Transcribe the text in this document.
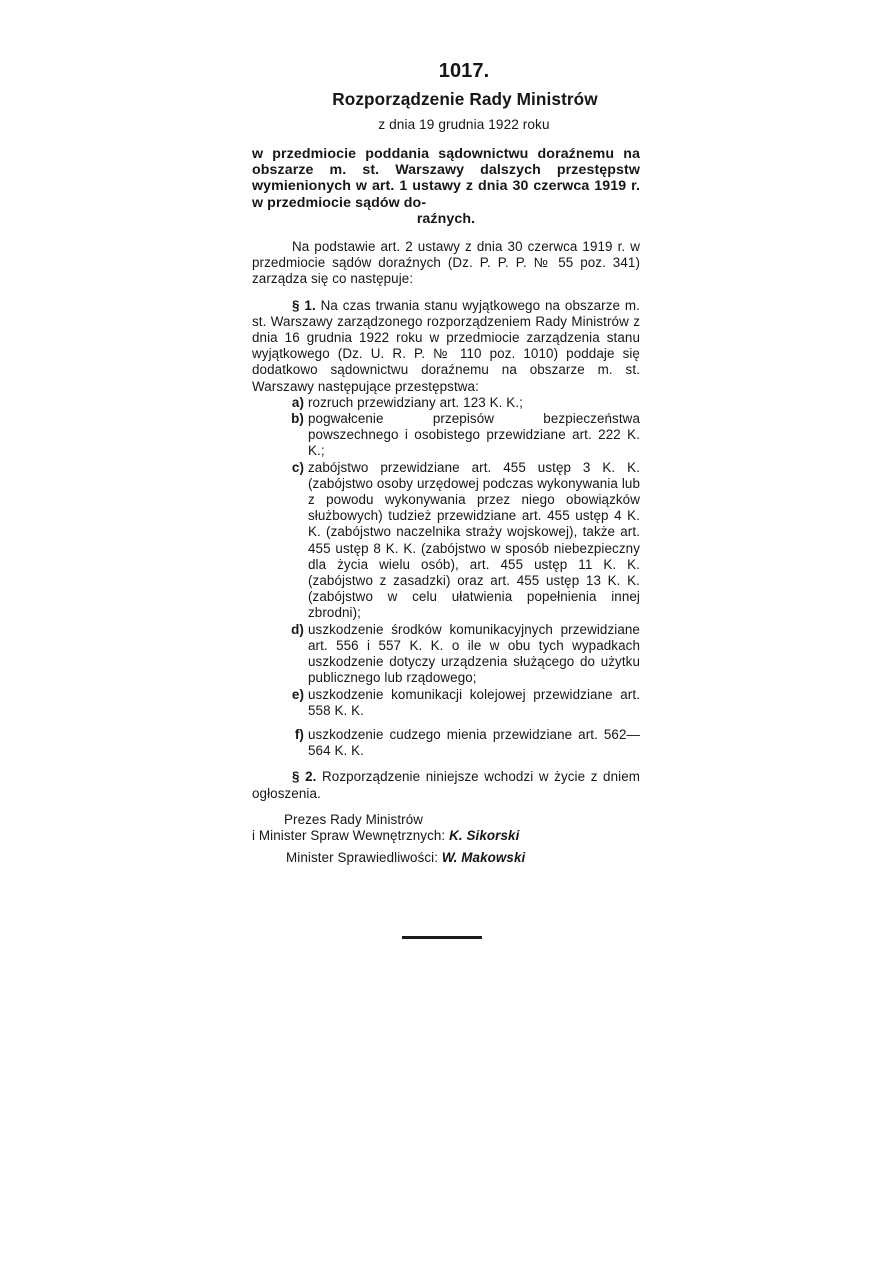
1017.
Rozporządzenie Rady Ministrów
z dnia 19 grudnia 1922 roku
w przedmiocie poddania sądownictwu doraźnemu na obszarze m. st. Warszawy dalszych przestępstw wymienionych w art. 1 ustawy z dnia 30 czerwca 1919 r. w przedmiocie sądów do-
raźnych.

Na podstawie art. 2 ustawy z dnia 30 czerwca 1919 r. w przedmiocie sądów doraźnych (Dz. P. P. P. № 55 poz. 341) zarządza się co następuje:

§ 1. Na czas trwania stanu wyjątkowego na obszarze m. st. Warszawy zarządzonego rozporządzeniem Rady Ministrów z dnia 16 grudnia 1922 roku w przedmiocie zarządzenia stanu wyjątkowego (Dz. U. R. P. № 110 poz. 1010) poddaje się dodatkowo sądownictwu doraźnemu na obszarze m. st. Warszawy następujące przestępstwa:

a) rozruch przewidziany art. 123 K. K.;
b) pogwałcenie przepisów bezpieczeństwa powszechnego i osobistego przewidziane art. 222 K. K.;
c) zabójstwo przewidziane art. 455 ustęp 3 K. K. (zabójstwo osoby urzędowej podczas wykonywania lub z powodu wykonywania przez niego obowiązków służbowych) tudzież przewidziane art. 455 ustęp 4 K. K. (zabójstwo naczelnika straży wojskowej), także art. 455 ustęp 8 K. K. (zabójstwo w sposób niebezpieczny dla życia wielu osób), art. 455 ustęp 11 K. K. (zabójstwo z zasadzki) oraz art. 455 ustęp 13 K. K. (zabójstwo w celu ułatwienia popełnienia innej zbrodni);
d) uszkodzenie środków komunikacyjnych przewidziane art. 556 i 557 K. K. o ile w obu tych wypadkach uszkodzenie dotyczy urządzenia służącego do użytku publicznego lub rządowego;
e) uszkodzenie komunikacji kolejowej przewidziane art. 558 K. K.
f) uszkodzenie cudzego mienia przewidziane art. 562—564 K. K.

§ 2. Rozporządzenie niniejsze wchodzi w życie z dniem ogłoszenia.

Prezes Rady Ministrów
i Minister Spraw Wewnętrznych: K. Sikorski
Minister Sprawiedliwości: W. Makowski
